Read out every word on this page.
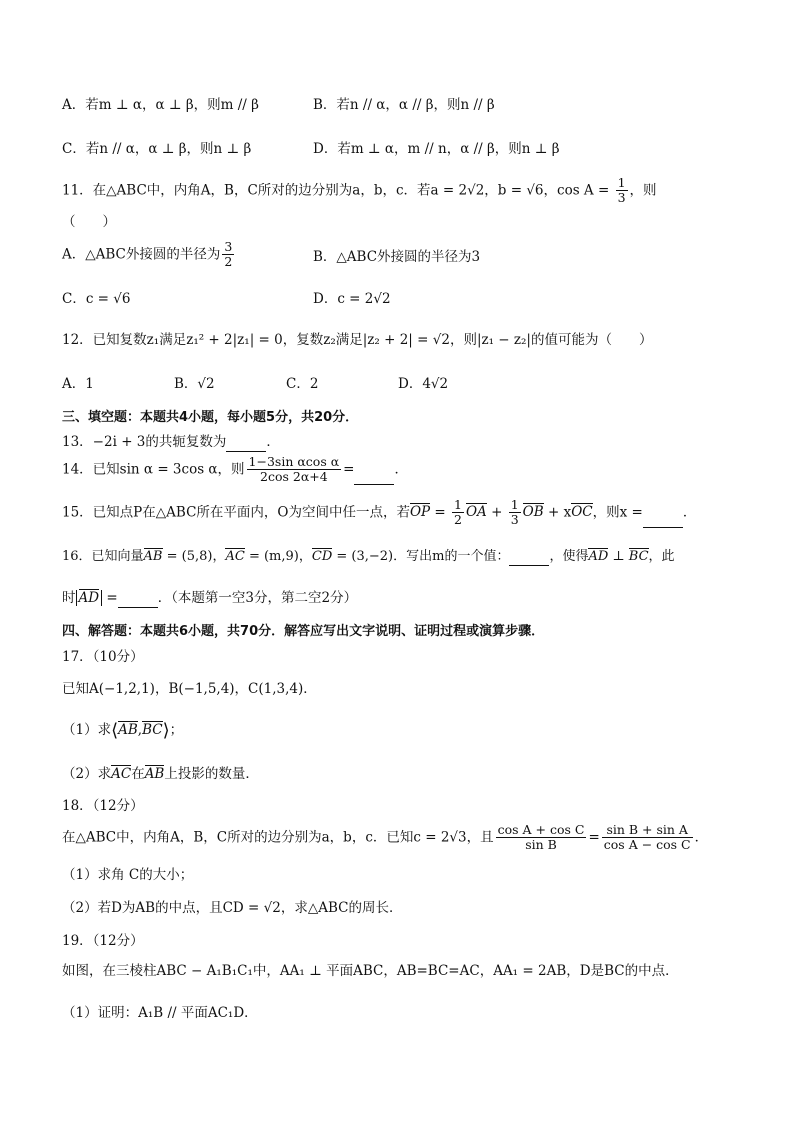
A．若m ⊥ α，α ⊥ β，则m // β	B．若n // α，α // β，则n // β
C．若n // α，α ⊥ β，则n ⊥ β	D．若m ⊥ α，m // n，α // β，则n ⊥ β
11．在△ABC中，内角A，B，C所对的边分别为a，b，c．若a = 2√2，b = √6，$\cos A = \frac{1}{3}$ ，则
（　　）
A．△ABC外接圆的半径为 $\frac{3}{2}$	B．△ABC外接圆的半径为3
C．c = √6	D．c = 2√2
12．已知复数z₁满足z₁² + 2|z₁| = 0，复数z₂满足|z₂ + 2| = √2，则|z₁ − z₂|的值可能为（　　）
A．1	B．√2	C．2	D．4√2
三、填空题：本题共4小题，每小题5分，共20分．
13．−2i + 3的共轭复数为	．
14．已知sin α = 3cos α，则 $\frac{\text{1−3sin αcos α}}{2\cos 2\alpha+4}$ =	．
15．已知点P在△ABC所在平面内，O为空间中任一点，若OP = $\frac{1}{2}$ OA + $\frac{1}{3}$ OB + xOC，则x =	．
16．已知向量AB = (5,8)，AC = (m,9)，CD = (3,−2)．写出m的一个值：	，使得AD ⊥ BC，此
时 AD =	．（本题第一空3分，第二空2分）
四、解答题：本题共6小题，共70分．解答应写出文字说明、证明过程或演算步骤．
17．（10分）
已知A(−1,2,1)，B(−1,5,4)，C(1,3,4)．
（1）求⟨AB,BC⟩；
（2）求AC在AB上投影的数量．
18．（12分）
在△ABC中，内角A，B，C所对的边分别为a，b，c．已知c = 2√3，且 $\frac{\text{cos A + cos C}}{\text{sin B}} = \frac{\text{sin B + sin A}}{\text{cos A − cos C}}$ ．
（1）求角 C的大小；
（2）若D为AB的中点，且CD = √2，求△ABC的周长．
19．（12分）
如图，在三棱柱ABC − A₁B₁C₁中，AA₁ ⊥ 平面ABC，AB=BC=AC，AA₁ = 2AB，D是BC的中点．
（1）证明：A₁B // 平面AC₁D．
